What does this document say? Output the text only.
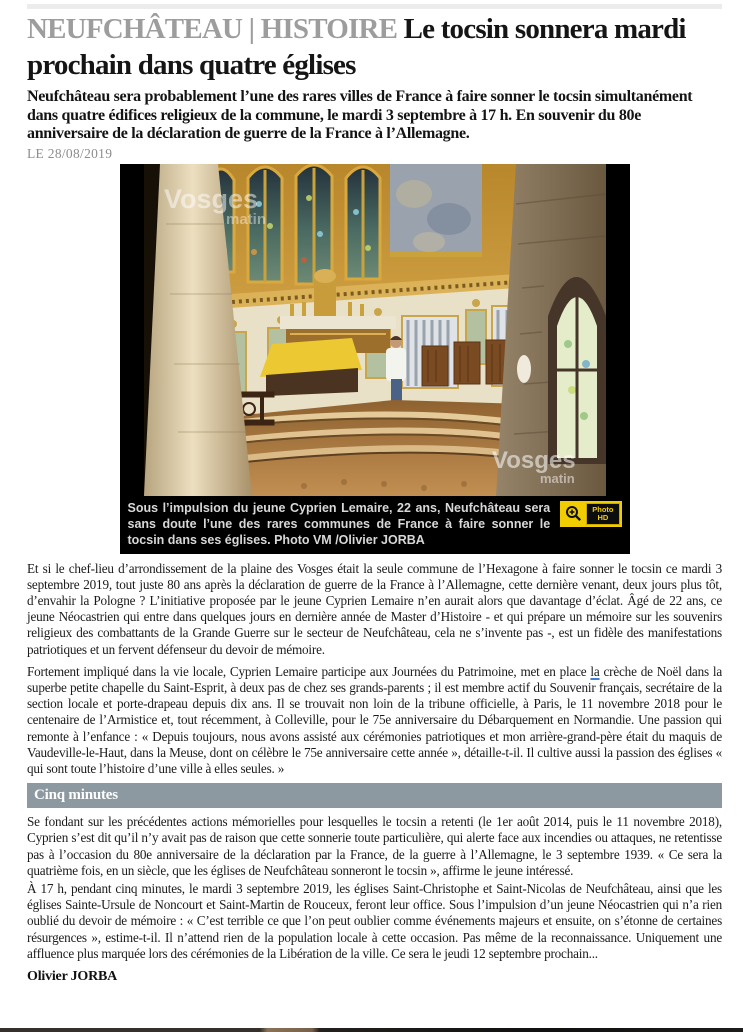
NEUFCHÂTEAU | HISTOIRE Le tocsin sonnera mardi
prochain dans quatre églises

Neufchâteau sera probablement l’une des rares villes de France à faire sonner le tocsin simultanément dans quatre édifices religieux de la commune, le mardi 3 septembre à 17 h. En souvenir du 80e anniversaire de la déclaration de guerre de la France à l’Allemagne.

LE 28/08/2019
Vosges
matin
Vosges
matin
Photo
HD
Sous l’impulsion du jeune Cyprien Lemaire, 22 ans, Neufchâteau sera sans doute l’une des rares communes de France à faire sonner le tocsin dans ses églises. Photo VM /Olivier JORBA

Et si le chef-lieu d’arrondissement de la plaine des Vosges était la seule commune de l’Hexagone à faire sonner le tocsin ce mardi 3 septembre 2019, tout juste 80 ans après la déclaration de guerre de la France à l’Allemagne, cette dernière venant, deux jours plus tôt, d’envahir la Pologne ? L’initiative proposée par le jeune Cyprien Lemaire n’en aurait alors que davantage d’éclat. Âgé de 22 ans, ce jeune Néocastrien qui entre dans quelques jours en dernière année de Master d’Histoire - et qui prépare un mémoire sur les souvenirs religieux des combattants de la Grande Guerre sur le secteur de Neufchâteau, cela ne s’invente pas -, est un fidèle des manifestations patriotiques et un fervent défenseur du devoir de mémoire.

Fortement impliqué dans la vie locale, Cyprien Lemaire participe aux Journées du Patrimoine, met en place la crèche de Noël dans la superbe petite chapelle du Saint-Esprit, à deux pas de chez ses grands-parents ; il est membre actif du Souvenir français, secrétaire de la section locale et porte-drapeau depuis dix ans. Il se trouvait non loin de la tribune officielle, à Paris, le 11 novembre 2018 pour le centenaire de l’Armistice et, tout récemment, à Colleville, pour le 75e anniversaire du Débarquement en Normandie. Une passion qui remonte à l’enfance : « Depuis toujours, nous avons assisté aux cérémonies patriotiques et mon arrière-grand-père était du maquis de Vaudeville-le-Haut, dans la Meuse, dont on célèbre le 75e anniversaire cette année », détaille-t-il. Il cultive aussi la passion des églises « qui sont toute l’histoire d’une ville à elles seules. »

Cinq minutes

Se fondant sur les précédentes actions mémorielles pour lesquelles le tocsin a retenti (le 1er août 2014, puis le 11 novembre 2018), Cyprien s’est dit qu’il n’y avait pas de raison que cette sonnerie toute particulière, qui alerte face aux incendies ou attaques, ne retentisse pas à l’occasion du 80e anniversaire de la déclaration par la France, de la guerre à l’Allemagne, le 3 septembre 1939. « Ce sera la quatrième fois, en un siècle, que les églises de Neufchâteau sonneront le tocsin », affirme le jeune intéressé.

À 17 h, pendant cinq minutes, le mardi 3 septembre 2019, les églises Saint-Christophe et Saint-Nicolas de Neufchâteau, ainsi que les églises Sainte-Ursule de Noncourt et Saint-Martin de Rouceux, feront leur office. Sous l’impulsion d’un jeune Néocastrien qui n’a rien oublié du devoir de mémoire : « C’est terrible ce que l’on peut oublier comme événements majeurs et ensuite, on s’étonne de certaines résurgences », estime-t-il. Il n’attend rien de la population locale à cette occasion. Pas même de la reconnaissance. Uniquement une affluence plus marquée lors des cérémonies de la Libération de la ville. Ce sera le jeudi 12 septembre prochain...

Olivier JORBA
